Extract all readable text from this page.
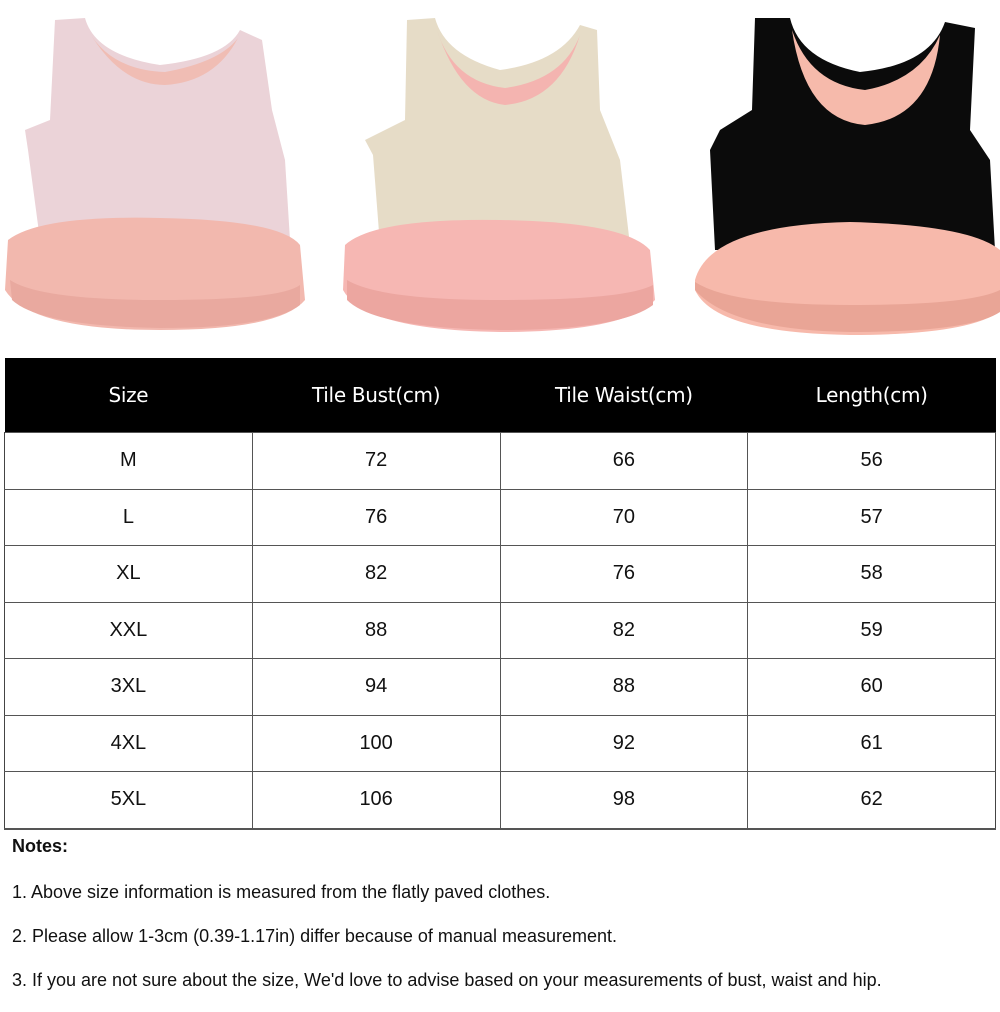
Size	Tile Bust(cm)	Tile Waist(cm)	Length(cm)
M	72	66	56
L	76	70	57
XL	82	76	58
XXL	88	82	59
3XL	94	88	60
4XL	100	92	61
5XL	106	98	62
Notes:
1. Above size information is measured from the flatly paved clothes.
2. Please allow 1-3cm (0.39-1.17in) differ because of manual measurement.
3. If you are not sure about the size, We'd love to advise based on your measurements of bust, waist and hip.
